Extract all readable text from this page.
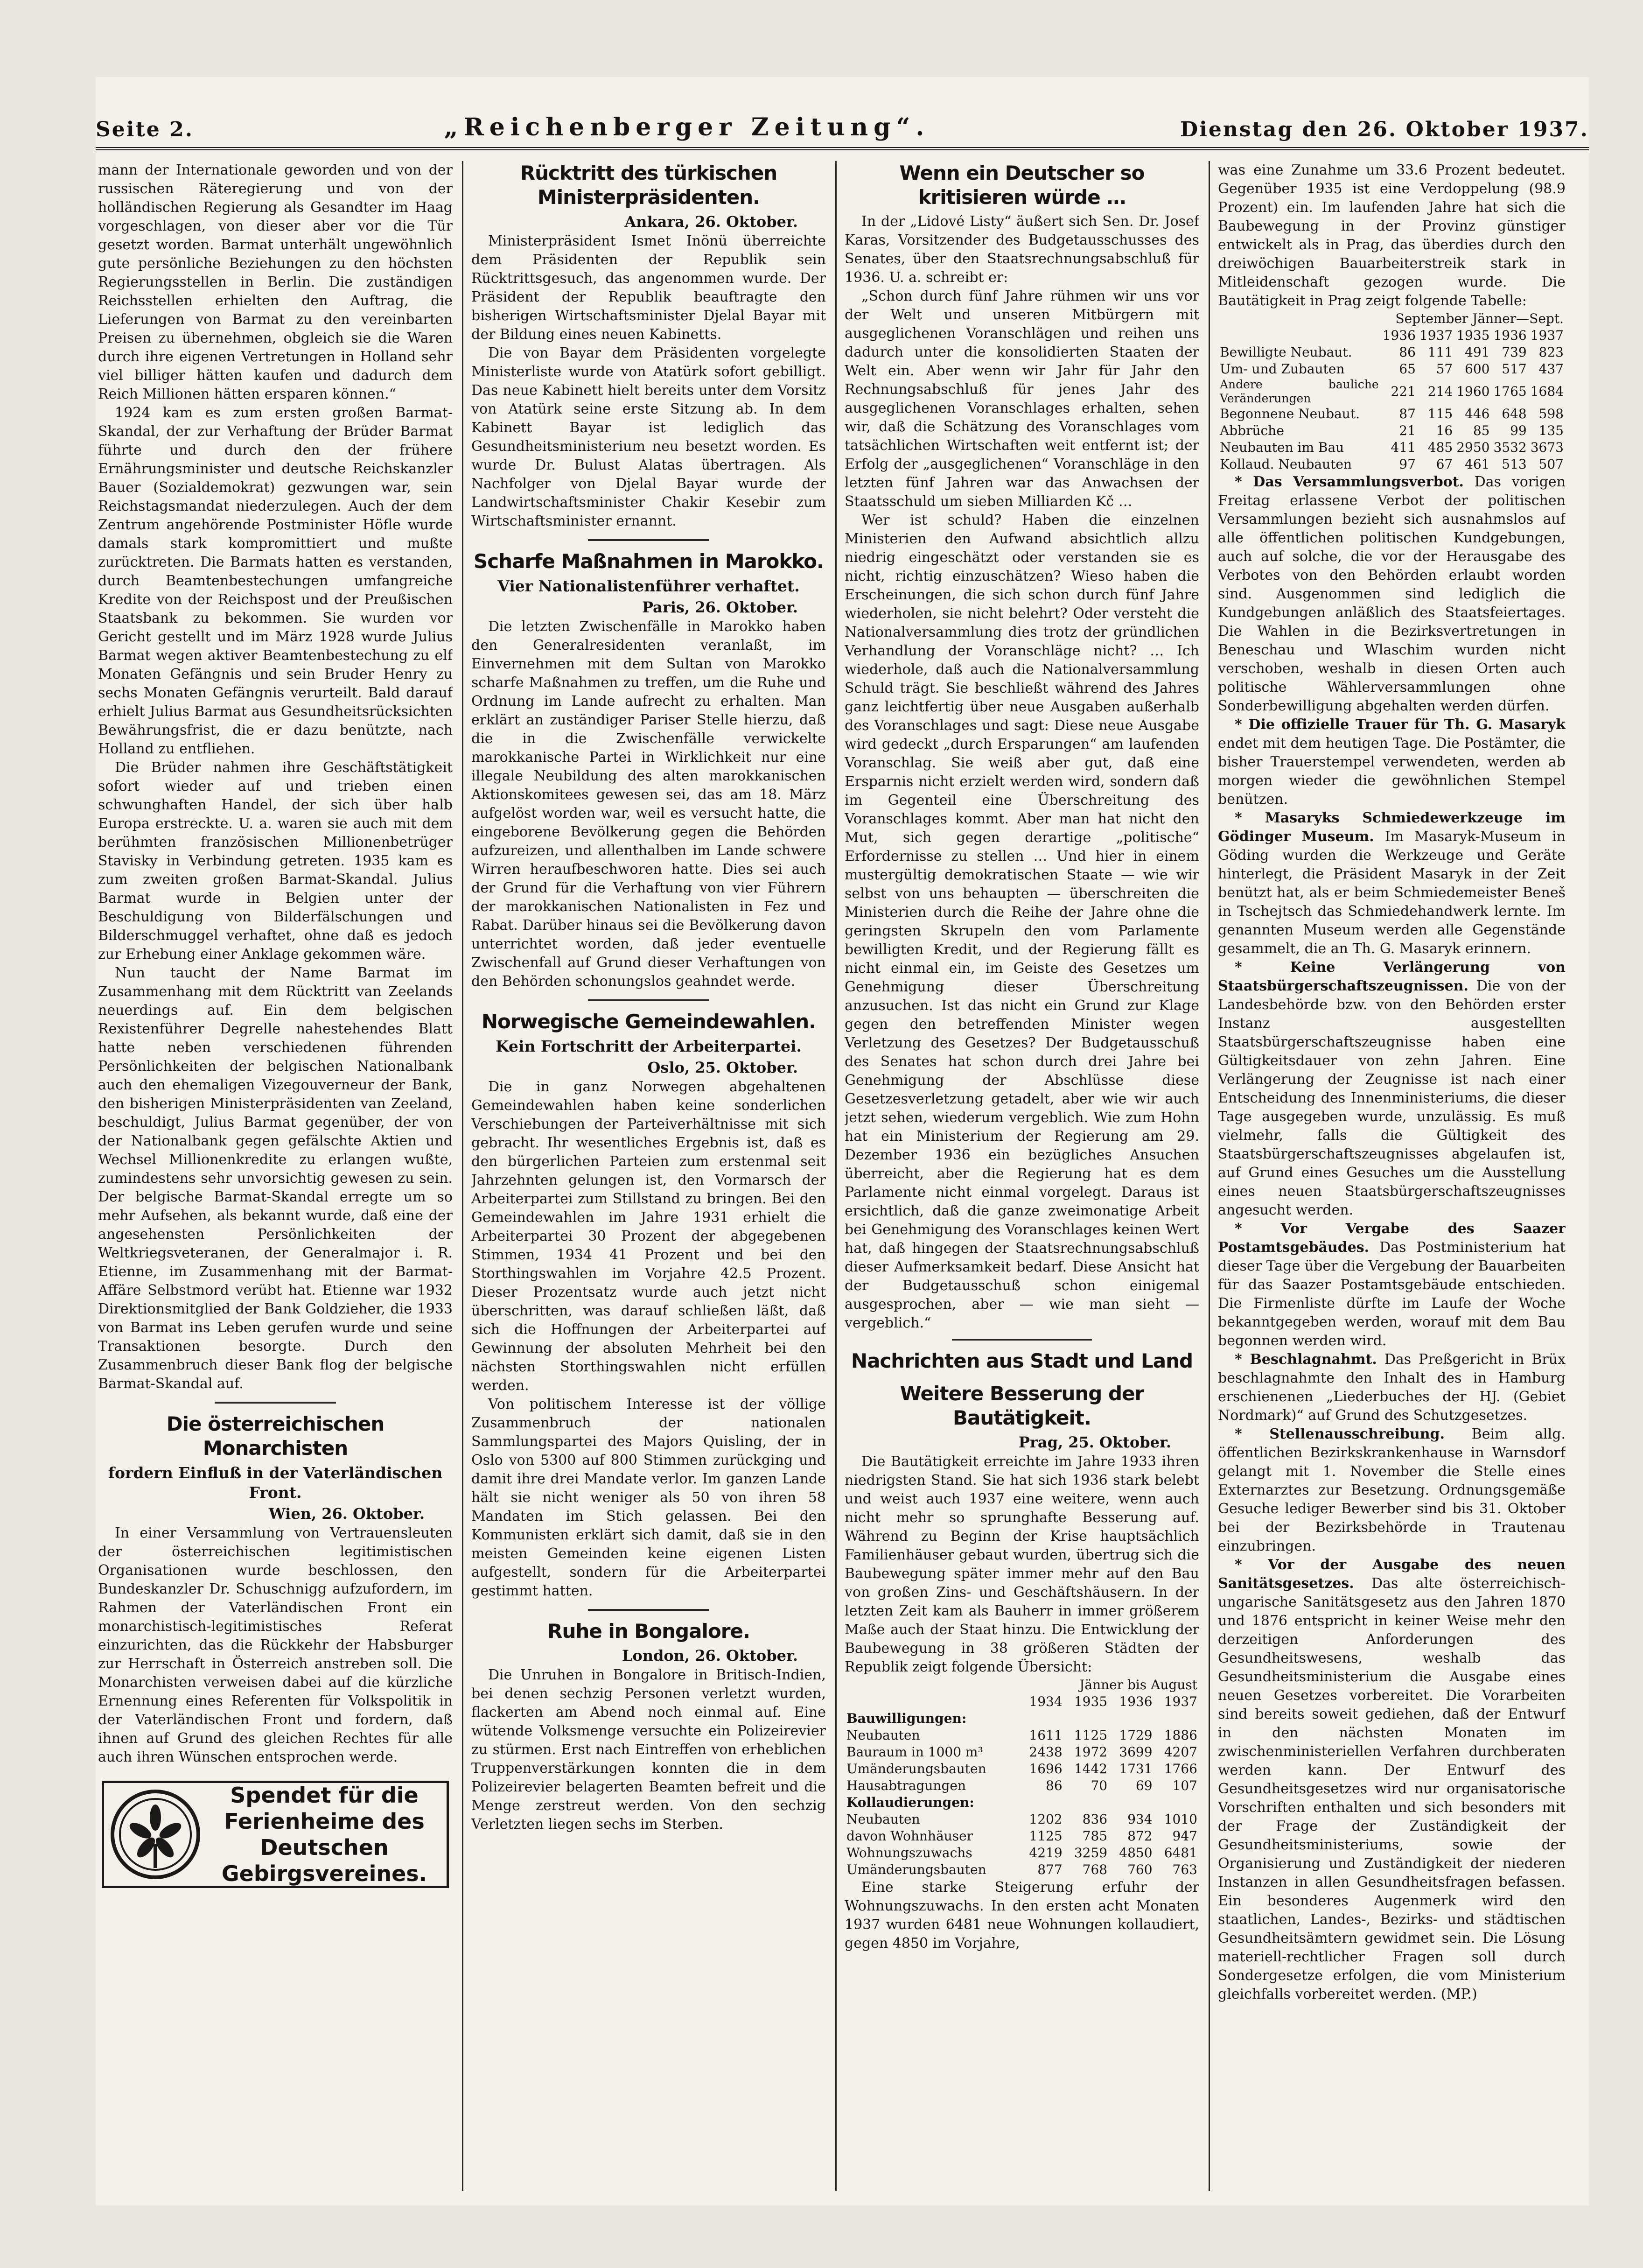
Seite 2.	„Reichenberger Zeitung“.	Dienstag den 26. Oktober 1937.

mann der Internationale geworden und von der russischen Räteregierung und von der holländischen Regierung als Gesandter im Haag vorgeschlagen, von dieser aber vor die Tür gesetzt worden. Barmat unterhält ungewöhnlich gute persönliche Beziehungen zu den höchsten Regierungsstellen in Berlin. Die zuständigen Reichsstellen erhielten den Auftrag, die Lieferungen von Barmat zu den vereinbarten Preisen zu übernehmen, obgleich sie die Waren durch ihre eigenen Vertretungen in Holland sehr viel billiger hätten kaufen und dadurch dem Reich Millionen hätten ersparen können.“

1924 kam es zum ersten großen Barmat-Skandal, der zur Verhaftung der Brüder Barmat führte und durch den der frühere Ernährungsminister und deutsche Reichskanzler Bauer (Sozialdemokrat) gezwungen war, sein Reichstagsmandat niederzulegen. Auch der dem Zentrum angehörende Postminister Höfle wurde damals stark kompromittiert und mußte zurücktreten. Die Barmats hatten es verstanden, durch Beamtenbestechungen umfangreiche Kredite von der Reichspost und der Preußischen Staatsbank zu bekommen. Sie wurden vor Gericht gestellt und im März 1928 wurde Julius Barmat wegen aktiver Beamtenbestechung zu elf Monaten Gefängnis und sein Bruder Henry zu sechs Monaten Gefängnis verurteilt. Bald darauf erhielt Julius Barmat aus Gesundheitsrücksichten Bewährungsfrist, die er dazu benützte, nach Holland zu entfliehen.

Die Brüder nahmen ihre Geschäftstätigkeit sofort wieder auf und trieben einen schwunghaften Handel, der sich über halb Europa erstreckte. U. a. waren sie auch mit dem berühmten französischen Millionenbetrüger Stavisky in Verbindung getreten. 1935 kam es zum zweiten großen Barmat-Skandal. Julius Barmat wurde in Belgien unter der Beschuldigung von Bilderfälschungen und Bilderschmuggel verhaftet, ohne daß es jedoch zur Erhebung einer Anklage gekommen wäre.

Nun taucht der Name Barmat im Zusammenhang mit dem Rücktritt van Zeelands neuerdings auf. Ein dem belgischen Rexistenführer Degrelle nahestehendes Blatt hatte neben verschiedenen führenden Persönlichkeiten der belgischen Nationalbank auch den ehemaligen Vizegouverneur der Bank, den bisherigen Ministerpräsidenten van Zeeland, beschuldigt, Julius Barmat gegenüber, der von der Nationalbank gegen gefälschte Aktien und Wechsel Millionenkredite zu erlangen wußte, zumindestens sehr unvorsichtig gewesen zu sein. Der belgische Barmat-Skandal erregte um so mehr Aufsehen, als bekannt wurde, daß eine der angesehensten Persönlichkeiten der Weltkriegsveteranen, der Generalmajor i. R. Etienne, im Zusammenhang mit der Barmat-Affäre Selbstmord verübt hat. Etienne war 1932 Direktionsmitglied der Bank Goldzieher, die 1933 von Barmat ins Leben gerufen wurde und seine Transaktionen besorgte. Durch den Zusammenbruch dieser Bank flog der belgische Barmat-Skandal auf.

Die österreichischen Monarchisten
fordern Einfluß in der Vaterländischen Front.
Wien, 26. Oktober.

In einer Versammlung von Vertrauensleuten der österreichischen legitimistischen Organisationen wurde beschlossen, den Bundeskanzler Dr. Schuschnigg aufzufordern, im Rahmen der Vaterländischen Front ein monarchistisch-legitimistisches Referat einzurichten, das die Rückkehr der Habsburger zur Herrschaft in Österreich anstreben soll. Die Monarchisten verweisen dabei auf die kürzliche Ernennung eines Referenten für Volkspolitik in der Vaterländischen Front und fordern, daß ihnen auf Grund des gleichen Rechtes für alle auch ihren Wünschen entsprochen werde.

Spendet für die Ferienheime des Deutschen Gebirgsvereines.
Rücktritt des türkischen Ministerpräsidenten.
Ankara, 26. Oktober.

Ministerpräsident Ismet Inönü überreichte dem Präsidenten der Republik sein Rücktrittsgesuch, das angenommen wurde. Der Präsident der Republik beauftragte den bisherigen Wirtschaftsminister Djelal Bayar mit der Bildung eines neuen Kabinetts.

Die von Bayar dem Präsidenten vorgelegte Ministerliste wurde von Atatürk sofort gebilligt. Das neue Kabinett hielt bereits unter dem Vorsitz von Atatürk seine erste Sitzung ab. In dem Kabinett Bayar ist lediglich das Gesundheitsministerium neu besetzt worden. Es wurde Dr. Bulust Alatas übertragen. Als Nachfolger von Djelal Bayar wurde der Landwirtschaftsminister Chakir Kesebir zum Wirtschaftsminister ernannt.

Scharfe Maßnahmen in Marokko.
Vier Nationalistenführer verhaftet.
Paris, 26. Oktober.

Die letzten Zwischenfälle in Marokko haben den Generalresidenten veranlaßt, im Einvernehmen mit dem Sultan von Marokko scharfe Maßnahmen zu treffen, um die Ruhe und Ordnung im Lande aufrecht zu erhalten. Man erklärt an zuständiger Pariser Stelle hierzu, daß die in die Zwischenfälle verwickelte marokkanische Partei in Wirklichkeit nur eine illegale Neubildung des alten marokkanischen Aktionskomitees gewesen sei, das am 18. März aufgelöst worden war, weil es versucht hatte, die eingeborene Bevölkerung gegen die Behörden aufzureizen, und allenthalben im Lande schwere Wirren heraufbeschworen hatte. Dies sei auch der Grund für die Verhaftung von vier Führern der marokkanischen Nationalisten in Fez und Rabat. Darüber hinaus sei die Bevölkerung davon unterrichtet worden, daß jeder eventuelle Zwischenfall auf Grund dieser Verhaftungen von den Behörden schonungslos geahndet werde.

Norwegische Gemeindewahlen.
Kein Fortschritt der Arbeiterpartei.
Oslo, 25. Oktober.

Die in ganz Norwegen abgehaltenen Gemeindewahlen haben keine sonderlichen Verschiebungen der Parteiverhältnisse mit sich gebracht. Ihr wesentliches Ergebnis ist, daß es den bürgerlichen Parteien zum erstenmal seit Jahrzehnten gelungen ist, den Vormarsch der Arbeiterpartei zum Stillstand zu bringen. Bei den Gemeindewahlen im Jahre 1931 erhielt die Arbeiterpartei 30 Prozent der abgegebenen Stimmen, 1934 41 Prozent und bei den Storthingswahlen im Vorjahre 42.5 Prozent. Dieser Prozentsatz wurde auch jetzt nicht überschritten, was darauf schließen läßt, daß sich die Hoffnungen der Arbeiterpartei auf Gewinnung der absoluten Mehrheit bei den nächsten Storthingswahlen nicht erfüllen werden.

Von politischem Interesse ist der völlige Zusammenbruch der nationalen Sammlungspartei des Majors Quisling, der in Oslo von 5300 auf 800 Stimmen zurückging und damit ihre drei Mandate verlor. Im ganzen Lande hält sie nicht weniger als 50 von ihren 58 Mandaten im Stich gelassen. Bei den Kommunisten erklärt sich damit, daß sie in den meisten Gemeinden keine eigenen Listen aufgestellt, sondern für die Arbeiterpartei gestimmt hatten.

Ruhe in Bongalore.
London, 26. Oktober.

Die Unruhen in Bongalore in Britisch-Indien, bei denen sechzig Personen verletzt wurden, flackerten am Abend noch einmal auf. Eine wütende Volksmenge versuchte ein Polizeirevier zu stürmen. Erst nach Eintreffen von erheblichen Truppenverstärkungen konnten die in dem Polizeirevier belagerten Beamten befreit und die Menge zerstreut werden. Von den sechzig Verletzten liegen sechs im Sterben.

Wenn ein Deutscher so kritisieren würde …

In der „Lidové Listy“ äußert sich Sen. Dr. Josef Karas, Vorsitzender des Budgetausschusses des Senates, über den Staatsrechnungsabschluß für 1936. U. a. schreibt er:

„Schon durch fünf Jahre rühmen wir uns vor der Welt und unseren Mitbürgern mit ausgeglichenen Voranschlägen und reihen uns dadurch unter die konsolidierten Staaten der Welt ein. Aber wenn wir Jahr für Jahr den Rechnungsabschluß für jenes Jahr des ausgeglichenen Voranschlages erhalten, sehen wir, daß die Schätzung des Voranschlages vom tatsächlichen Wirtschaften weit entfernt ist; der Erfolg der „ausgeglichenen“ Voranschläge in den letzten fünf Jahren war das Anwachsen der Staatsschuld um sieben Milliarden Kč …

Wer ist schuld? Haben die einzelnen Ministerien den Aufwand absichtlich allzu niedrig eingeschätzt oder verstanden sie es nicht, richtig einzuschätzen? Wieso haben die Erscheinungen, die sich schon durch fünf Jahre wiederholen, sie nicht belehrt? Oder versteht die Nationalversammlung dies trotz der gründlichen Verhandlung der Voranschläge nicht? … Ich wiederhole, daß auch die Nationalversammlung Schuld trägt. Sie beschließt während des Jahres ganz leichtfertig über neue Ausgaben außerhalb des Voranschlages und sagt: Diese neue Ausgabe wird gedeckt „durch Ersparungen“ am laufenden Voranschlag. Sie weiß aber gut, daß eine Ersparnis nicht erzielt werden wird, sondern daß im Gegenteil eine Überschreitung des Voranschlages kommt. Aber man hat nicht den Mut, sich gegen derartige „politische“ Erfordernisse zu stellen … Und hier in einem mustergültig demokratischen Staate — wie wir selbst von uns behaupten — überschreiten die Ministerien durch die Reihe der Jahre ohne die geringsten Skrupeln den vom Parlamente bewilligten Kredit, und der Regierung fällt es nicht einmal ein, im Geiste des Gesetzes um Genehmigung dieser Überschreitung anzusuchen. Ist das nicht ein Grund zur Klage gegen den betreffenden Minister wegen Verletzung des Gesetzes? Der Budgetausschuß des Senates hat schon durch drei Jahre bei Genehmigung der Abschlüsse diese Gesetzesverletzung getadelt, aber wie wir auch jetzt sehen, wiederum vergeblich. Wie zum Hohn hat ein Ministerium der Regierung am 29. Dezember 1936 ein bezügliches Ansuchen überreicht, aber die Regierung hat es dem Parlamente nicht einmal vorgelegt. Daraus ist ersichtlich, daß die ganze zweimonatige Arbeit bei Genehmigung des Voranschlages keinen Wert hat, daß hingegen der Staatsrechnungsabschluß dieser Aufmerksamkeit bedarf. Diese Ansicht hat der Budgetausschuß schon einigemal ausgesprochen, aber — wie man sieht — vergeblich.“

Nachrichten aus Stadt und Land
Weitere Besserung der Bautätigkeit.
Prag, 25. Oktober.

Die Bautätigkeit erreichte im Jahre 1933 ihren niedrigsten Stand. Sie hat sich 1936 stark belebt und weist auch 1937 eine weitere, wenn auch nicht mehr so sprunghafte Besserung auf. Während zu Beginn der Krise hauptsächlich Familienhäuser gebaut wurden, übertrug sich die Baubewegung später immer mehr auf den Bau von großen Zins- und Geschäftshäusern. In der letzten Zeit kam als Bauherr in immer größerem Maße auch der Staat hinzu. Die Entwicklung der Baubewegung in 38 größeren Städten der Republik zeigt folgende Übersicht:

	Jänner bis August			
	1934	1935	1936	1937
Bauwilligungen:				
Neubauten	1611	1125	1729	1886
Bauraum in 1000 m³	2438	1972	3699	4207
Umänderungsbauten	1696	1442	1731	1766
Hausabtragungen	86	70	69	107
Kollaudierungen:				
Neubauten	1202	836	934	1010
davon Wohnhäuser	1125	785	872	947
Wohnungszuwachs	4219	3259	4850	6481
Umänderungsbauten	877	768	760	763

Eine starke Steigerung erfuhr der Wohnungszuwachs. In den ersten acht Monaten 1937 wurden 6481 neue Wohnungen kollaudiert, gegen 4850 im Vorjahre,

was eine Zunahme um 33.6 Prozent bedeutet. Gegenüber 1935 ist eine Verdoppelung (98.9 Prozent) ein. Im laufenden Jahre hat sich die Baubewegung in der Provinz günstiger entwickelt als in Prag, das überdies durch den dreiwöchigen Bauarbeiterstreik stark in Mitleidenschaft gezogen wurde. Die Bautätigkeit in Prag zeigt folgende Tabelle:

	September Jänner—Sept.				
	1936	1937	1935	1936	1937
Bewilligte Neubaut.	86	111	491	739	823
Um- und Zubauten	65	57	600	517	437
Andere bauliche Veränderungen	221	214	1960	1765	1684
Begonnene Neubaut.	87	115	446	648	598
Abbrüche	21	16	85	99	135
Neubauten im Bau	411	485	2950	3532	3673
Kollaud. Neubauten	97	67	461	513	507

* Das Versammlungsverbot. Das vorigen Freitag erlassene Verbot der politischen Versammlungen bezieht sich ausnahmslos auf alle öffentlichen politischen Kundgebungen, auch auf solche, die vor der Herausgabe des Verbotes von den Behörden erlaubt worden sind. Ausgenommen sind lediglich die Kundgebungen anläßlich des Staatsfeiertages. Die Wahlen in die Bezirksvertretungen in Beneschau und Wlaschim wurden nicht verschoben, weshalb in diesen Orten auch politische Wählerversammlungen ohne Sonderbewilligung abgehalten werden dürfen.

* Die offizielle Trauer für Th. G. Masaryk endet mit dem heutigen Tage. Die Postämter, die bisher Trauerstempel verwendeten, werden ab morgen wieder die gewöhnlichen Stempel benützen.

* Masaryks Schmiedewerkzeuge im Gödinger Museum. Im Masaryk-Museum in Göding wurden die Werkzeuge und Geräte hinterlegt, die Präsident Masaryk in der Zeit benützt hat, als er beim Schmiedemeister Beneš in Tschejtsch das Schmiedehandwerk lernte. Im genannten Museum werden alle Gegenstände gesammelt, die an Th. G. Masaryk erinnern.

* Keine Verlängerung von Staatsbürgerschaftszeugnissen. Die von der Landesbehörde bzw. von den Behörden erster Instanz ausgestellten Staatsbürgerschaftszeugnisse haben eine Gültigkeitsdauer von zehn Jahren. Eine Verlängerung der Zeugnisse ist nach einer Entscheidung des Innenministeriums, die dieser Tage ausgegeben wurde, unzulässig. Es muß vielmehr, falls die Gültigkeit des Staatsbürgerschaftszeugnisses abgelaufen ist, auf Grund eines Gesuches um die Ausstellung eines neuen Staatsbürgerschaftszeugnisses angesucht werden.

* Vor Vergabe des Saazer Postamtsgebäudes. Das Postministerium hat dieser Tage über die Vergebung der Bauarbeiten für das Saazer Postamtsgebäude entschieden. Die Firmenliste dürfte im Laufe der Woche bekanntgegeben werden, worauf mit dem Bau begonnen werden wird.

* Beschlagnahmt. Das Preßgericht in Brüx beschlagnahmte den Inhalt des in Hamburg erschienenen „Liederbuches der HJ. (Gebiet Nordmark)“ auf Grund des Schutzgesetzes.

* Stellenausschreibung. Beim allg. öffentlichen Bezirkskrankenhause in Warnsdorf gelangt mit 1. November die Stelle eines Externarztes zur Besetzung. Ordnungsgemäße Gesuche lediger Bewerber sind bis 31. Oktober bei der Bezirksbehörde in Trautenau einzubringen.

* Vor der Ausgabe des neuen Sanitätsgesetzes. Das alte österreichisch-ungarische Sanitätsgesetz aus den Jahren 1870 und 1876 entspricht in keiner Weise mehr den derzeitigen Anforderungen des Gesundheitswesens, weshalb das Gesundheitsministerium die Ausgabe eines neuen Gesetzes vorbereitet. Die Vorarbeiten sind bereits soweit gediehen, daß der Entwurf in den nächsten Monaten im zwischenministeriellen Verfahren durchberaten werden kann. Der Entwurf des Gesundheitsgesetzes wird nur organisatorische Vorschriften enthalten und sich besonders mit der Frage der Zuständigkeit der Gesundheitsministeriums, sowie der Organisierung und Zuständigkeit der niederen Instanzen in allen Gesundheitsfragen befassen. Ein besonderes Augenmerk wird den staatlichen, Landes-, Bezirks- und städtischen Gesundheitsämtern gewidmet sein. Die Lösung materiell-rechtlicher Fragen soll durch Sondergesetze erfolgen, die vom Ministerium gleichfalls vorbereitet werden. (MP.)
